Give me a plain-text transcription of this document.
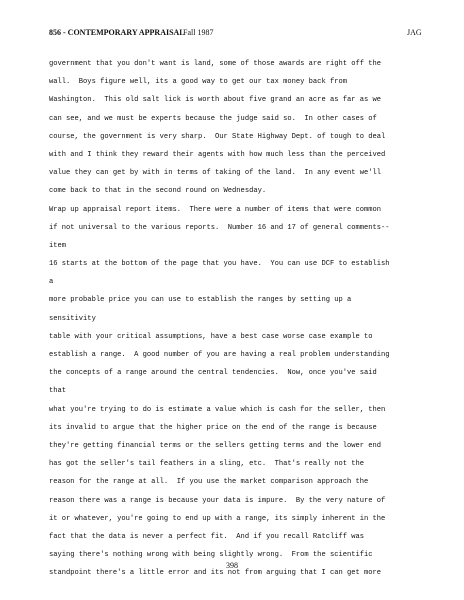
856 - CONTEMPORARY APPRAISAL
Fall 1987	JAG
government that you don't want is land, some of those awards are right off the
wall.  Boys figure well, its a good way to get our tax money back from
Washington.  This old salt lick is worth about five grand an acre as far as we
can see, and we must be experts because the judge said so.  In other cases of
course, the government is very sharp.  Our State Highway Dept. of tough to deal
with and I think they reward their agents with how much less than the perceived
value they can get by with in terms of taking of the land.  In any event we'll
come back to that in the second round on Wednesday.
Wrap up appraisal report items.  There were a number of items that were common
if not universal to the various reports.  Number 16 and 17 of general comments--
item
16 starts at the bottom of the page that you have.  You can use DCF to establish
a
more probable price you can use to establish the ranges by setting up a
sensitivity
table with your critical assumptions, have a best case worse case example to
establish a range.  A good number of you are having a real problem understanding
the concepts of a range around the central tendencies.  Now, once you've said
that
what you're trying to do is estimate a value which is cash for the seller, then
its invalid to argue that the higher price on the end of the range is because
they're getting financial terms or the sellers getting terms and the lower end
has got the seller's tail feathers in a sling, etc.  That's really not the
reason for the range at all.  If you use the market comparison approach the
reason there was a range is because your data is impure.  By the very nature of
it or whatever, you're going to end up with a range, its simply inherent in the
fact that the data is never a perfect fit.  And if you recall Ratcliff was
saying there's nothing wrong with being slightly wrong.  From the scientific
standpoint there's a little error and its not from arguing that I can get more
398
